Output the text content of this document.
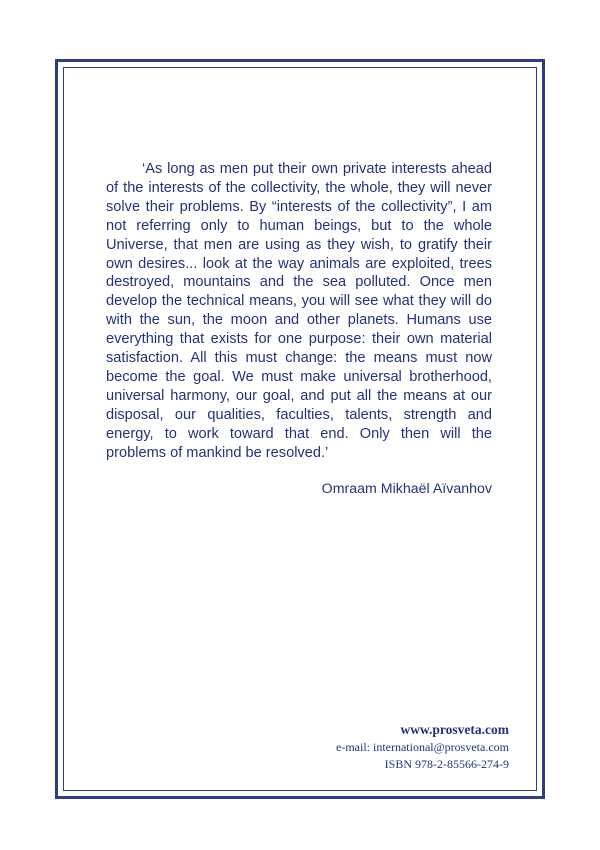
‘As long as men put their own private interests ahead of the interests of the collectivity, the whole, they will never solve their problems. By “interests of the collectivity”, I am not referring only to human beings, but to the whole Universe, that men are using as they wish, to gratify their own desires... look at the way animals are exploited, trees destroyed, mountains and the sea polluted. Once men develop the technical means, you will see what they will do with the sun, the moon and other planets. Humans use everything that exists for one purpose: their own material satisfaction. All this must change: the means must now become the goal. We must make universal brotherhood, universal harmony, our goal, and put all the means at our disposal, our qualities, faculties, talents, strength and energy, to work toward that end. Only then will the problems of mankind be resolved.’

Omraam Mikhaël Aïvanhov

www.prosveta.com
e-mail: international@prosveta.com
ISBN 978-2-85566-274-9
